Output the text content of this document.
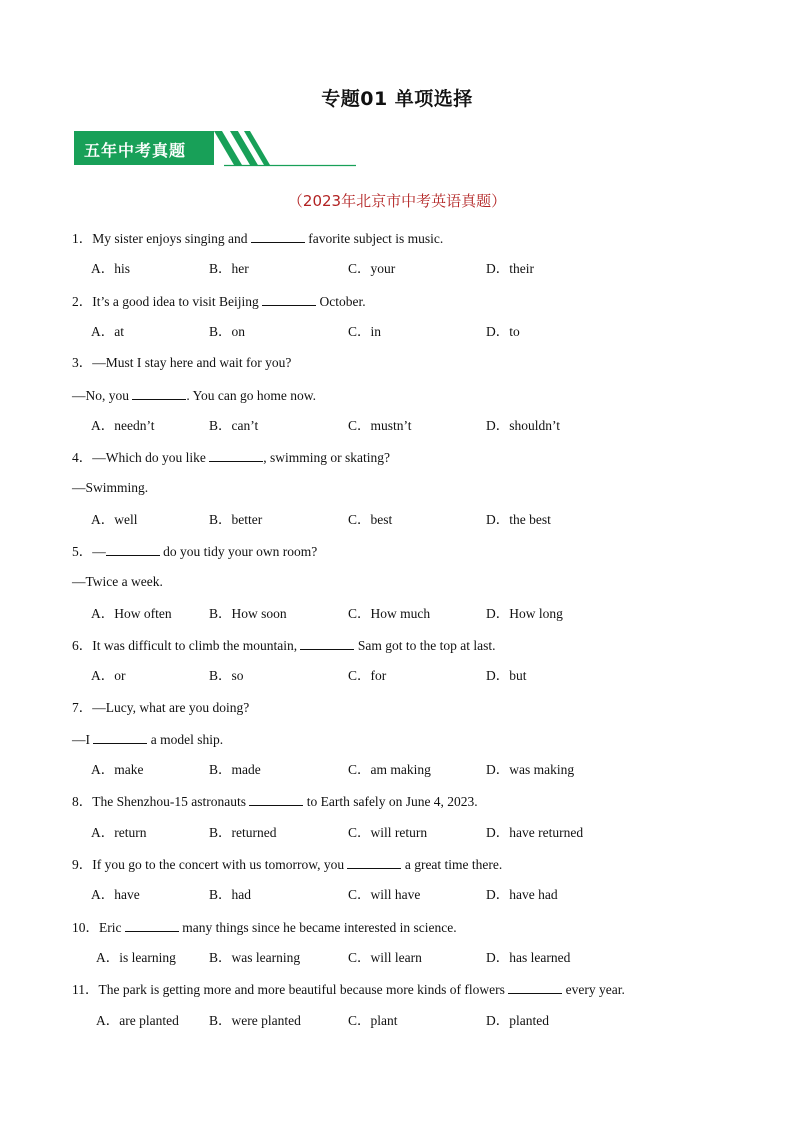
专题01 单项选择
五年中考真题
（2023年北京市中考英语真题）
1．My sister enjoys singing and	favorite subject is music.
A．his	B．her	C．your	D．their
2．It’s a good idea to visit Beijing	October.
A．at	B．on	C．in	D．to
3．—Must I stay here and wait for you?
—No, you	. You can go home now.
A．needn’t	B．can’t	C．mustn’t	D．shouldn’t
4．—Which do you like	, swimming or skating?
—Swimming.
A．well	B．better	C．best	D．the best
5．—	do you tidy your own room?
—Twice a week.
A．How often	B．How soon	C．How much	D．How long
6．It was difficult to climb the mountain,	Sam got to the top at last.
A．or	B．so	C．for	D．but
7．—Lucy, what are you doing?
—I	a model ship.
A．make	B．made	C．am making	D．was making
8．The Shenzhou-15 astronauts	to Earth safely on June 4, 2023.
A．return	B．returned	C．will return	D．have returned
9．If you go to the concert with us tomorrow, you	a great time there.
A．have	B．had	C．will have	D．have had
10．Eric	many things since he became interested in science.
A．is learning B．was learning	C．will learn	D．has learned
11．The park is getting more and more beautiful because more kinds of flowers	every year.
A．are planted B．were planted	C．plant	D．planted
